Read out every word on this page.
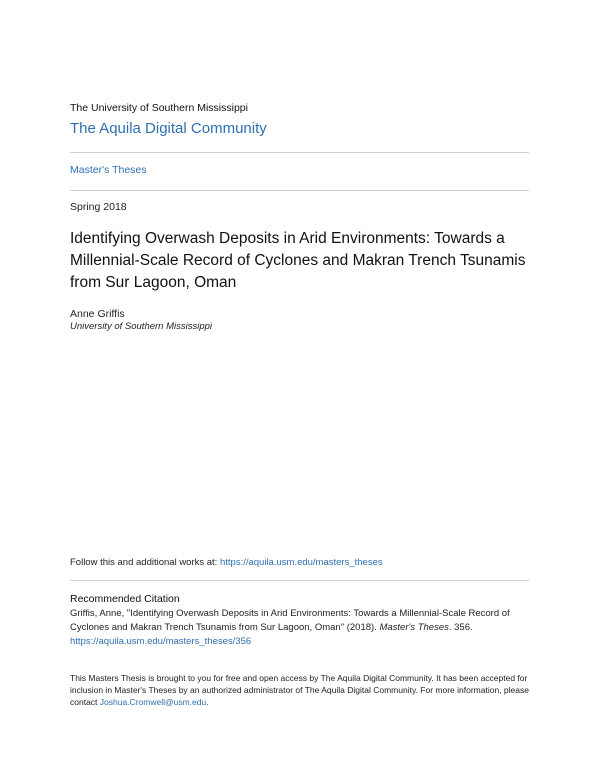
The University of Southern Mississippi
The Aquila Digital Community
Master's Theses
Spring 2018
Identifying Overwash Deposits in Arid Environments: Towards a Millennial-Scale Record of Cyclones and Makran Trench Tsunamis from Sur Lagoon, Oman
Anne Griffis
University of Southern Mississippi
Follow this and additional works at: https://aquila.usm.edu/masters_theses
Recommended Citation
Griffis, Anne, "Identifying Overwash Deposits in Arid Environments: Towards a Millennial-Scale Record of Cyclones and Makran Trench Tsunamis from Sur Lagoon, Oman" (2018). Master's Theses. 356.
https://aquila.usm.edu/masters_theses/356
This Masters Thesis is brought to you for free and open access by The Aquila Digital Community. It has been accepted for inclusion in Master's Theses by an authorized administrator of The Aquila Digital Community. For more information, please contact Joshua.Cromwell@usm.edu.
